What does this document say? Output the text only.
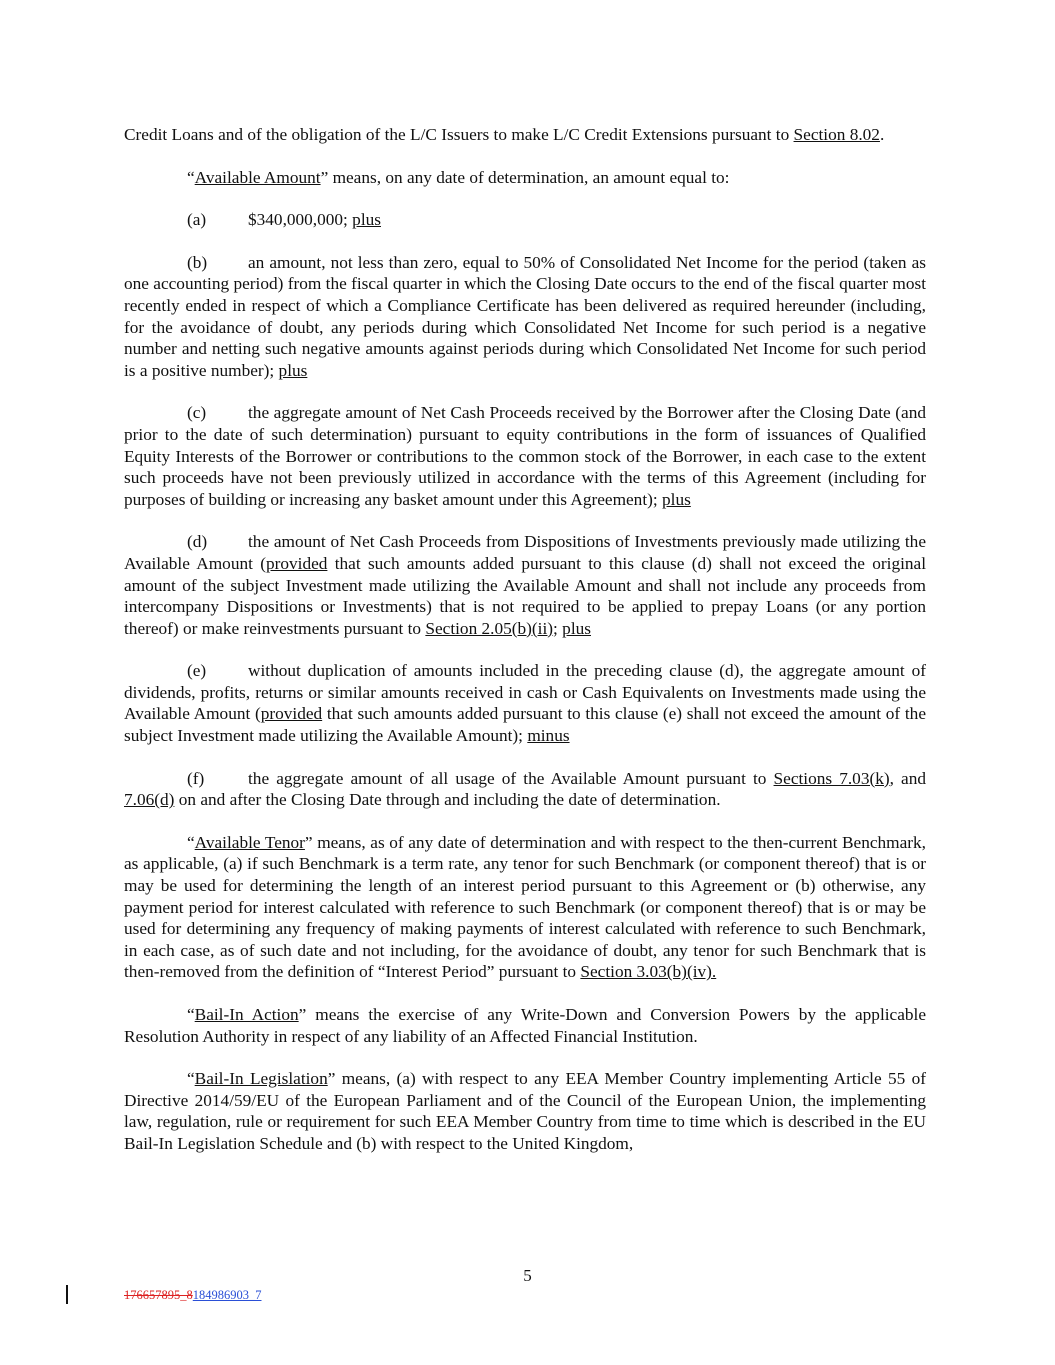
Credit Loans and of the obligation of the L/C Issuers to make L/C Credit Extensions pursuant to Section 8.02.

“Available Amount” means, on any date of determination, an amount equal to:

(a) $340,000,000; plus

(b) an amount, not less than zero, equal to 50% of Consolidated Net Income for the period (taken as one accounting period) from the fiscal quarter in which the Closing Date occurs to the end of the fiscal quarter most recently ended in respect of which a Compliance Certificate has been delivered as required hereunder (including, for the avoidance of doubt, any periods during which Consolidated Net Income for such period is a negative number and netting such negative amounts against periods during which Consolidated Net Income for such period is a positive number); plus

(c) the aggregate amount of Net Cash Proceeds received by the Borrower after the Closing Date (and prior to the date of such determination) pursuant to equity contributions in the form of issuances of Qualified Equity Interests of the Borrower or contributions to the common stock of the Borrower, in each case to the extent such proceeds have not been previously utilized in accordance with the terms of this Agreement (including for purposes of building or increasing any basket amount under this Agreement); plus

(d) the amount of Net Cash Proceeds from Dispositions of Investments previously made utilizing the Available Amount (provided that such amounts added pursuant to this clause (d) shall not exceed the original amount of the subject Investment made utilizing the Available Amount and shall not include any proceeds from intercompany Dispositions or Investments) that is not required to be applied to prepay Loans (or any portion thereof) or make reinvestments pursuant to Section 2.05(b)(ii); plus

(e) without duplication of amounts included in the preceding clause (d), the aggregate amount of dividends, profits, returns or similar amounts received in cash or Cash Equivalents on Investments made using the Available Amount (provided that such amounts added pursuant to this clause (e) shall not exceed the amount of the subject Investment made utilizing the Available Amount); minus

(f)	the aggregate amount of all usage of the Available Amount pursuant to Sections 7.03(k), and 7.06(d) on and after the Closing Date through and including the date of determination.

“Available Tenor” means, as of any date of determination and with respect to the then-current Benchmark, as applicable, (a) if such Benchmark is a term rate, any tenor for such Benchmark (or component thereof) that is or may be used for determining the length of an interest period pursuant to this Agreement or (b) otherwise, any payment period for interest calculated with reference to such Benchmark (or component thereof) that is or may be used for determining any frequency of making payments of interest calculated with reference to such Benchmark, in each case, as of such date and not including, for the avoidance of doubt, any tenor for such Benchmark that is then-removed from the definition of “Interest Period” pursuant to Section 3.03(b)(iv).

“Bail-In Action” means the exercise of any Write-Down and Conversion Powers by the applicable Resolution Authority in respect of any liability of an Affected Financial Institution.

“Bail-In Legislation” means, (a) with respect to any EEA Member Country implementing Article 55 of Directive 2014/59/EU of the European Parliament and of the Council of the European Union, the implementing law, regulation, rule or requirement for such EEA Member Country from time to time which is described in the EU Bail-In Legislation Schedule and (b) with respect to the United Kingdom,

5
176657895_8184986903_7
